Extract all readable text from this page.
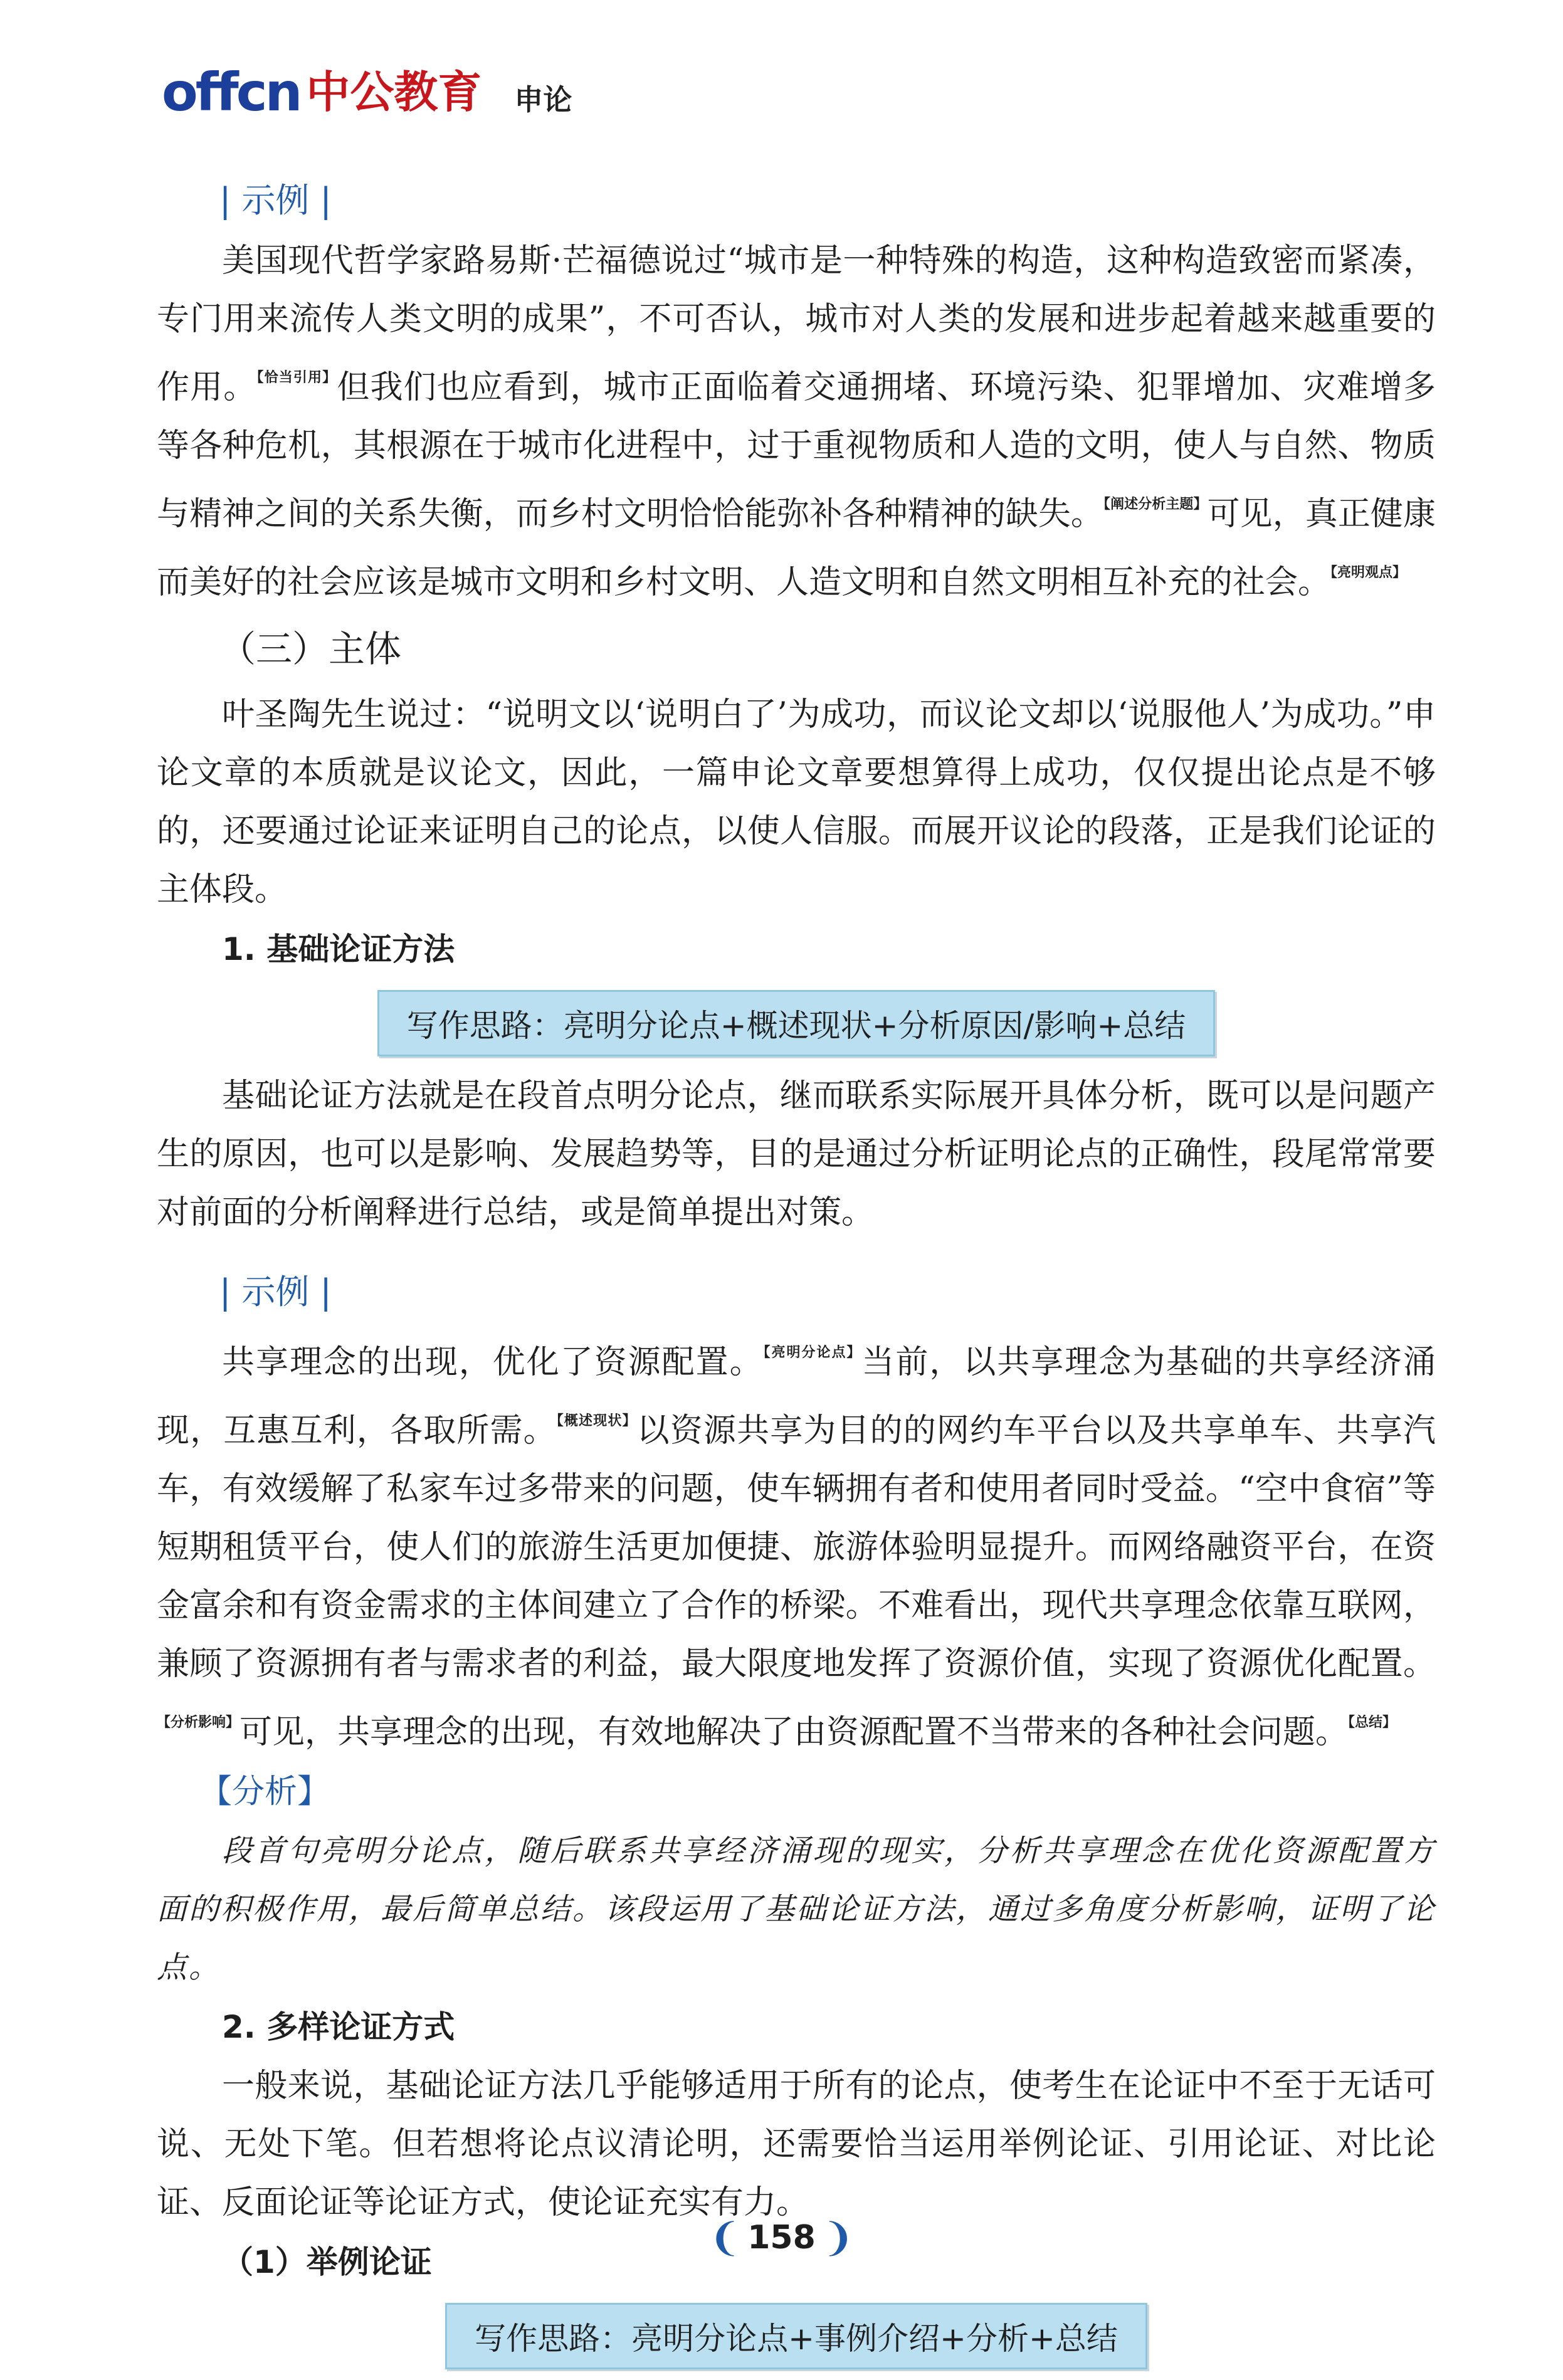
offcn 中公教育 申论
| 示例 |

美国现代哲学家路易斯·芒福德说过“城市是一种特殊的构造，这种构造致密而紧凑，专门用来流传人类文明的成果”，不可否认，城市对人类的发展和进步起着越来越重要的作用。$^{【恰当引用】}$但我们也应看到，城市正面临着交通拥堵、环境污染、犯罪增加、灾难增多等各种危机，其根源在于城市化进程中，过于重视物质和人造的文明，使人与自然、物质与精神之间的关系失衡，而乡村文明恰恰能弥补各种精神的缺失。$^{【阐述分析主题】}$可见，真正健康而美好的社会应该是城市文明和乡村文明、人造文明和自然文明相互补充的社会。$^{【亮明观点】}$

（三）主体

叶圣陶先生说过：“说明文以‘说明白了’为成功，而议论文却以‘说服他人’为成功。”申论文章的本质就是议论文，因此，一篇申论文章要想算得上成功，仅仅提出论点是不够的，还要通过论证来证明自己的论点，以使人信服。而展开议论的段落，正是我们论证的主体段。

1. 基础论证方法
写作思路：亮明分论点+概述现状+分析原因/影响+总结

基础论证方法就是在段首点明分论点，继而联系实际展开具体分析，既可以是问题产生的原因，也可以是影响、发展趋势等，目的是通过分析证明论点的正确性，段尾常常要对前面的分析阐释进行总结，或是简单提出对策。

| 示例 |

共享理念的出现，优化了资源配置。$^{【亮明分论点】}$当前，以共享理念为基础的共享经济涌现，互惠互利，各取所需。$^{【概述现状】}$以资源共享为目的的网约车平台以及共享单车、共享汽车，有效缓解了私家车过多带来的问题，使车辆拥有者和使用者同时受益。“空中食宿”等短期租赁平台，使人们的旅游生活更加便捷、旅游体验明显提升。而网络融资平台，在资金富余和有资金需求的主体间建立了合作的桥梁。不难看出，现代共享理念依靠互联网，兼顾了资源拥有者与需求者的利益，最大限度地发挥了资源价值，实现了资源优化配置。$^{【分析影响】}$可见，共享理念的出现，有效地解决了由资源配置不当带来的各种社会问题。$^{【总结】}$

【分析】

段首句亮明分论点，随后联系共享经济涌现的现实，分析共享理念在优化资源配置方面的积极作用，最后简单总结。该段运用了基础论证方法，通过多角度分析影响，证明了论点。

2. 多样论证方式

一般来说，基础论证方法几乎能够适用于所有的论点，使考生在论证中不至于无话可说、无处下笔。但若想将论点议清论明，还需要恰当运用举例论证、引用论证、对比论证、反面论证等论证方式，使论证充实有力。

（1）举例论证
写作思路：亮明分论点+事例介绍+分析+总结
❨ 158 ❩
